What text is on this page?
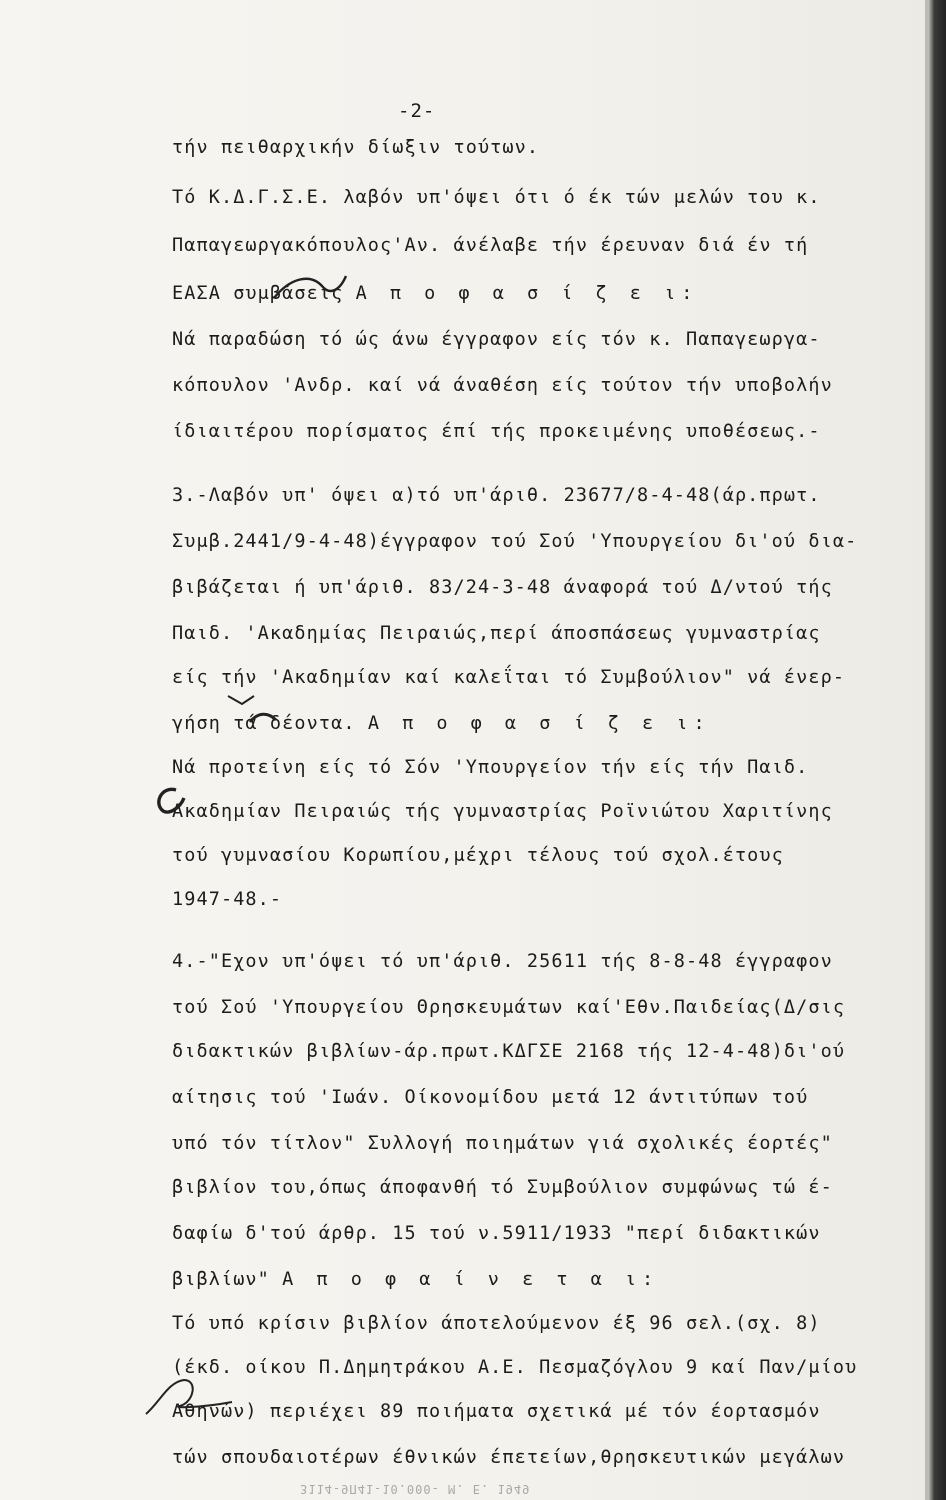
-2-
τήν πειθαρχικήν δίωξιν τούτων.
Τό Κ.Δ.Γ.Σ.Ε. λαβόν υπ'όψει ότι ό έκ τών μελών του κ.
Παπαγεωργακόπουλος'Αν. άνέλαβε τήν έρευναν διά έν τή
ΕΑΣΑ συμβάσεις Α π ο φ α σ ί ζ ε ι:
Νά παραδώση τό ώς άνω έγγραφον είς τόν κ. Παπαγεωργα-
κόπουλον 'Ανδρ. καί νά άναθέση είς τούτον τήν υποβολήν
ίδιαιτέρου πορίσματος έπί τής προκειμένης υποθέσεως.-
3.-Λαβόν υπ' όψει α)τό υπ'άριθ. 23677/8-4-48(άρ.πρωτ.
Συμβ.2441/9-4-48)έγγραφον τού Σού 'Υπουργείου δι'ού δια-
βιβάζεται ή υπ'άριθ. 83/24-3-48 άναφορά τού Δ/ντού τής
Παιδ. 'Ακαδημίας Πειραιώς,περί άποσπάσεως γυμναστρίας
είς τήν 'Ακαδημίαν καί καλεΐται τό Συμβούλιον" νά ένερ-
γήση τά δέοντα. Α π ο φ α σ ί ζ ε ι:
Νά προτείνη είς τό Σόν 'Υπουργείον τήν είς τήν Παιδ.
Ακαδημίαν Πειραιώς τής γυμναστρίας Ροϊνιώτου Χαριτίνης
τού γυμνασίου Κορωπίου,μέχρι τέλους τού σχολ.έτους
1947-48.-
4.-"Εχον υπ'όψει τό υπ'άριθ. 25611 τής 8-8-48 έγγραφον
τού Σού 'Υπουργείου Θρησκευμάτων καί'Εθν.Παιδείας(Δ/σις
διδακτικών βιβλίων-άρ.πρωτ.ΚΔΓΣΕ 2168 τής 12-4-48)δι'ού
αίτησις τού 'Ιωάν. Οίκονομίδου μετά 12 άντιτύπων τού
υπό τόν τίτλον" Συλλογή ποιημάτων γιά σχολικές έορτές"
βιβλίον του,όπως άποφανθή τό Συμβούλιον συμφώνως τώ έ-
δαφίω δ'τού άρθρ. 15 τού ν.5911/1933 "περί διδακτικών
βιβλίων" Α π ο φ α ί ν ε τ α ι:
Τό υπό κρίσιν βιβλίον άποτελούμενον έξ 96 σελ.(σχ. 8)
(έκδ. οίκου Π.Δημητράκου Α.Ε. Πεσμαζόγλου 9 καί Παν/μίου
Αθηνών) περιέχει 89 ποιήματα σχετικά μέ τόν έορτασμόν
τών σπουδαιοτέρων έθνικών έπετείων,θρησκευτικών μεγάλων
3114-9Π41-10.000- Μ. Ε. 1949
